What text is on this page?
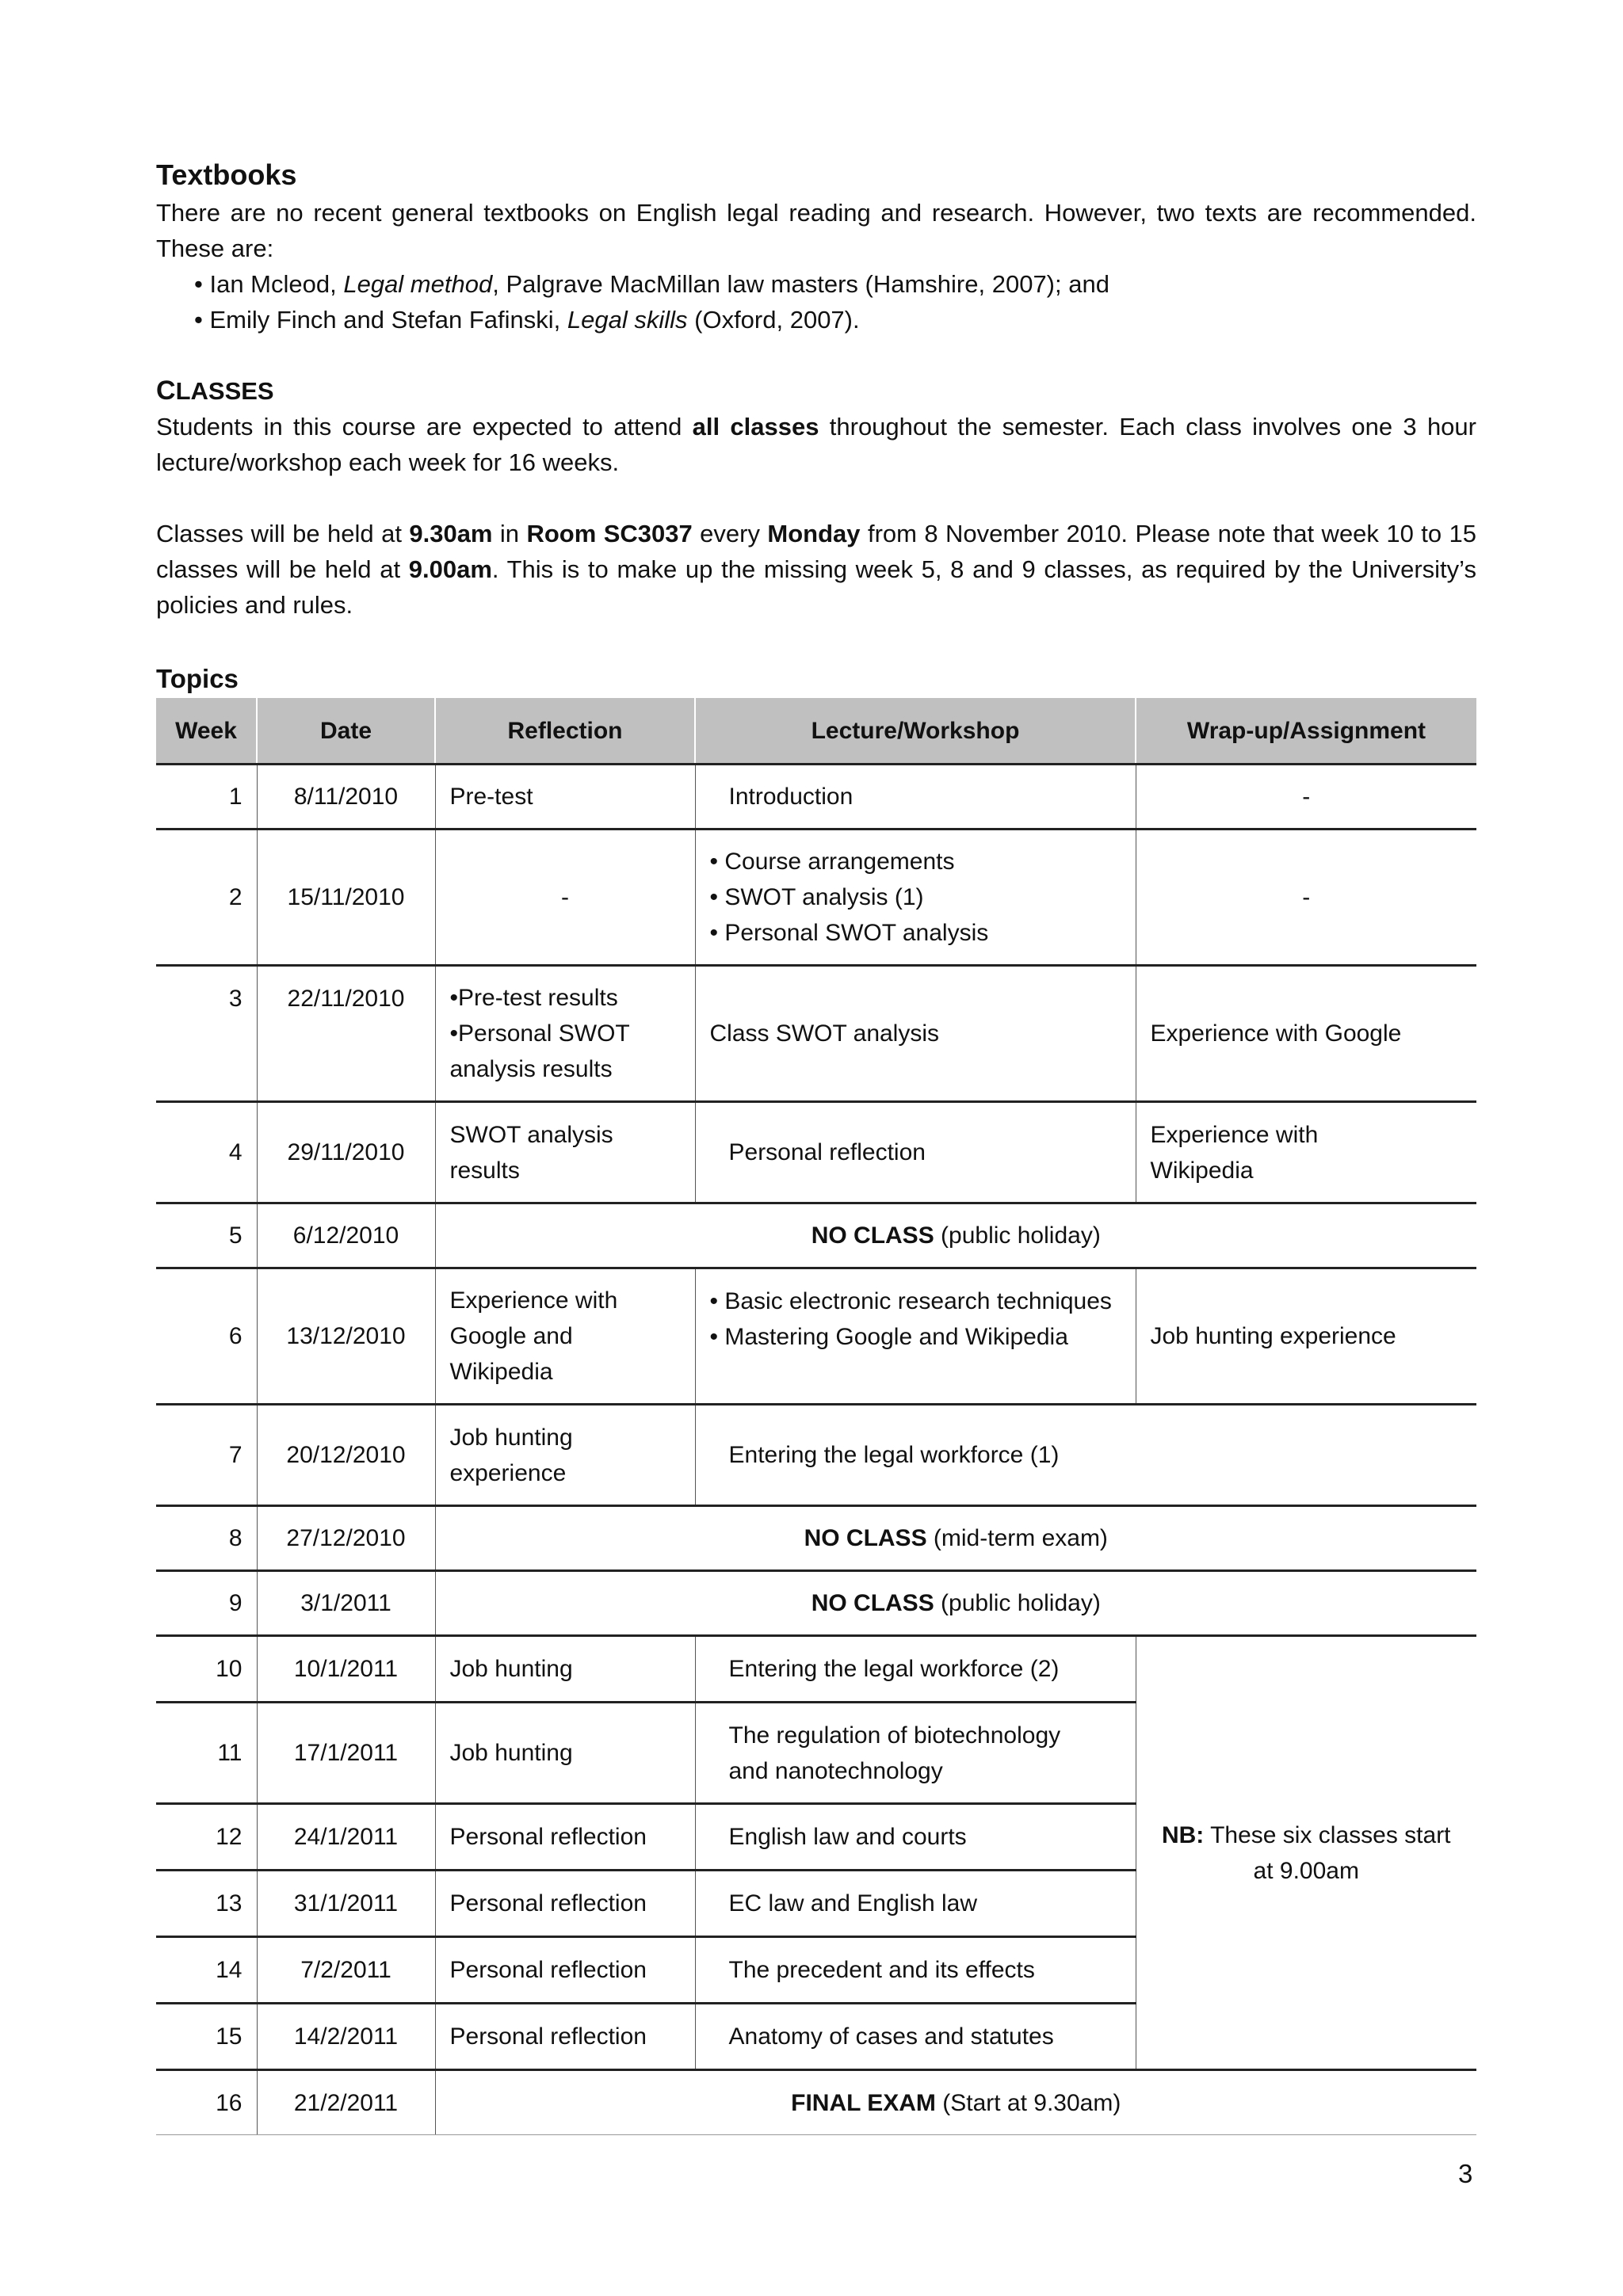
Textbooks

There are no recent general textbooks on English legal reading and research. However, two texts are recommended. These are:

• Ian Mcleod, Legal method, Palgrave MacMillan law masters (Hamshire, 2007); and
• Emily Finch and Stefan Fafinski, Legal skills (Oxford, 2007).
CLASSES

Students in this course are expected to attend all classes throughout the semester. Each class involves one 3 hour lecture/workshop each week for 16 weeks.

Classes will be held at 9.30am in Room SC3037 every Monday from 8 November 2010. Please note that week 10 to 15 classes will be held at 9.00am. This is to make up the missing week 5, 8 and 9 classes, as required by the University’s policies and rules.

Topics
Week	Date	Reflection	Lecture/Workshop	Wrap-up/Assignment
1	8/11/2010	Pre-test	Introduction	-
2	15/11/2010	-	• Course arrangements
• SWOT analysis (1)
• Personal SWOT analysis	-
3	22/11/2010	•Pre-test results
•Personal SWOT
analysis results	Class SWOT analysis	Experience with Google
4	29/11/2010	SWOT analysis
results	Personal reflection	Experience with
Wikipedia

5	6/12/2010	NO CLASS (public holiday)		
6	13/12/2010	Experience with
Google and
Wikipedia	• Basic electronic research techniques
• Mastering Google and Wikipedia	Job hunting experience
7	20/12/2010	Job hunting
experience	Entering the legal workforce (1)	
8	27/12/2010	NO CLASS (mid-term exam)		
9	3/1/2011	NO CLASS (public holiday)		
10	10/1/2011	Job hunting	Entering the legal workforce (2)	NB: These six classes start
at 9.00am

11	17/1/2011	Job hunting	The regulation of biotechnology
and nanotechnology	

12	24/1/2011	Personal reflection	English law and courts	
13	31/1/2011	Personal reflection	EC law and English law	
14	7/2/2011	Personal reflection	The precedent and its effects	
15	14/2/2011	Personal reflection	Anatomy of cases and statutes	
16	21/2/2011	FINAL EXAM (Start at 9.30am)		
3
